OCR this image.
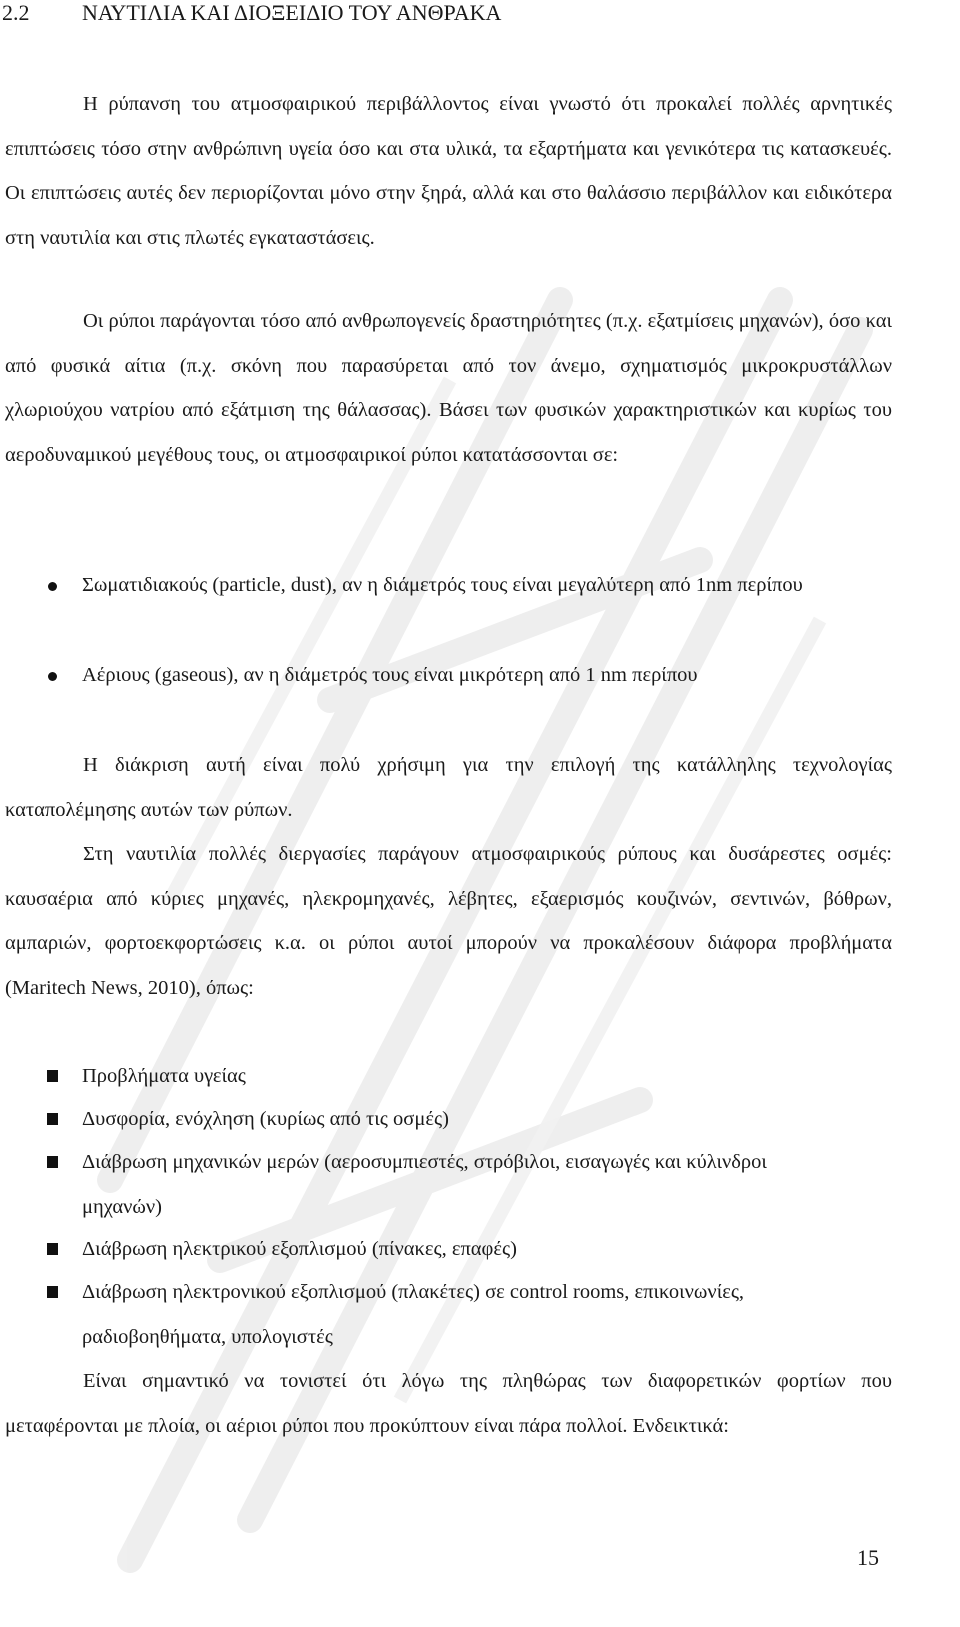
2.2 ΝΑΥΤΙΛΙΑ ΚΑΙ ΔΙΟΞΕΙΔΙΟ ΤΟΥ ΑΝΘΡΑΚΑ

Η ρύπανση του ατμοσφαιρικού περιβάλλοντος είναι γνωστό ότι προκαλεί πολλές αρνητικές επιπτώσεις τόσο στην ανθρώπινη υγεία όσο και στα υλικά, τα εξαρτήματα και γενικότερα τις κατασκευές. Οι επιπτώσεις αυτές δεν περιορίζονται μόνο στην ξηρά, αλλά και στο θαλάσσιο περιβάλλον και ειδικότερα στη ναυτιλία και στις πλωτές εγκαταστάσεις.

Οι ρύποι παράγονται τόσο από ανθρωπογενείς δραστηριότητες (π.χ. εξατμίσεις μηχανών), όσο και από φυσικά αίτια (π.χ. σκόνη που παρασύρεται από τον άνεμο, σχηματισμός μικροκρυστάλλων χλωριούχου νατρίου από εξάτμιση της θάλασσας). Βάσει των φυσικών χαρακτηριστικών και κυρίως του αεροδυναμικού μεγέθους τους, οι ατμοσφαιρικοί ρύποι κατατάσσονται σε:

Σωματιδιακούς (particle, dust), αν η διάμετρός τους είναι μεγαλύτερη από 1nm περίπου
Αέριους (gaseous), αν η διάμετρός τους είναι μικρότερη από 1 nm περίπου

Η διάκριση αυτή είναι πολύ χρήσιμη για την επιλογή της κατάλληλης τεχνολογίας καταπολέμησης αυτών των ρύπων.

Στη ναυτιλία πολλές διεργασίες παράγουν ατμοσφαιρικούς ρύπους και δυσάρεστες οσμές: καυσαέρια από κύριες μηχανές, ηλεκρομηχανές, λέβητες, εξαερισμός κουζινών, σεντινών, βόθρων, αμπαριών, φορτοεκφορτώσεις κ.α. οι ρύποι αυτοί μπορούν να προκαλέσουν διάφορα προβλήματα (Maritech News, 2010), όπως:

Προβλήματα υγείας
Δυσφορία, ενόχληση (κυρίως από τις οσμές)
Διάβρωση μηχανικών μερών (αεροσυμπιεστές, στρόβιλοι, εισαγωγές και κύλινδροι μηχανών)
Διάβρωση ηλεκτρικού εξοπλισμού (πίνακες, επαφές)
Διάβρωση ηλεκτρονικού εξοπλισμού (πλακέτες) σε control rooms, επικοινωνίες, ραδιοβοηθήματα, υπολογιστές

Είναι σημαντικό να τονιστεί ότι λόγω της πληθώρας των διαφορετικών φορτίων που μεταφέρονται με πλοία, οι αέριοι ρύποι που προκύπτουν είναι πάρα πολλοί. Ενδεικτικά:

15
